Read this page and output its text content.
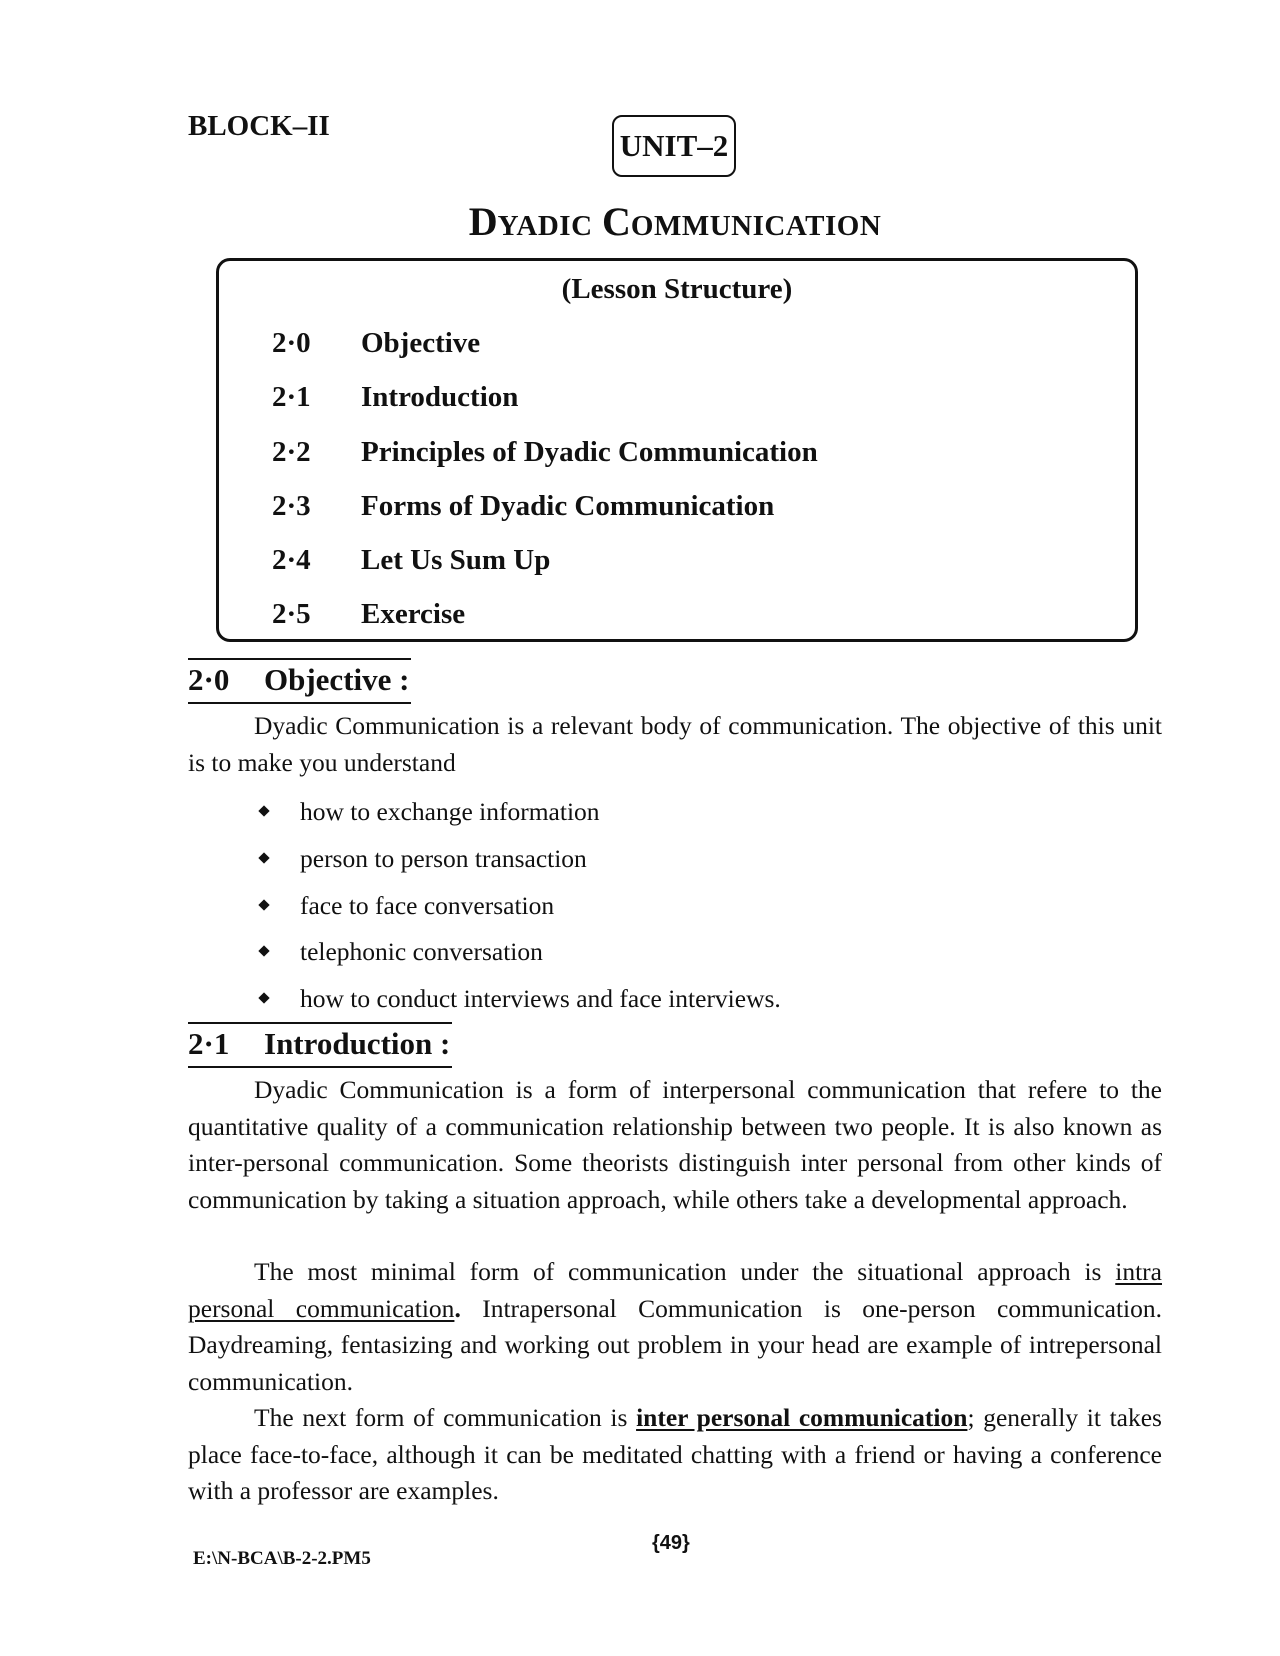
BLOCK–II
UNIT–2
DYADIC COMMUNICATION
(Lesson Structure)
2·0 Objective
2·1 Introduction
2·2 Principles of Dyadic Communication
2·3 Forms of Dyadic Communication
2·4 Let Us Sum Up
2·5 Exercise
2·0 Objective :

Dyadic Communication is a relevant body of communication. The objective of this unit is to make you understand

how to exchange information
person to person transaction
face to face conversation
telephonic conversation
how to conduct interviews and face interviews.
2·1 Introduction :

Dyadic Communication is a form of interpersonal communication that refere to the quantitative quality of a communication relationship between two people. It is also known as inter-personal communication. Some theorists distinguish inter personal from other kinds of communication by taking a situation approach, while others take a developmental approach.

The most minimal form of communication under the situational approach is intra personal communication. Intrapersonal Communication is one-person communication. Daydreaming, fentasizing and working out problem in your head are example of intrepersonal communication.

The next form of communication is inter personal communication; generally it takes place face-to-face, although it can be meditated chatting with a friend or having a conference with a professor are examples.

{49}
E:\N-BCA\B-2-2.PM5
